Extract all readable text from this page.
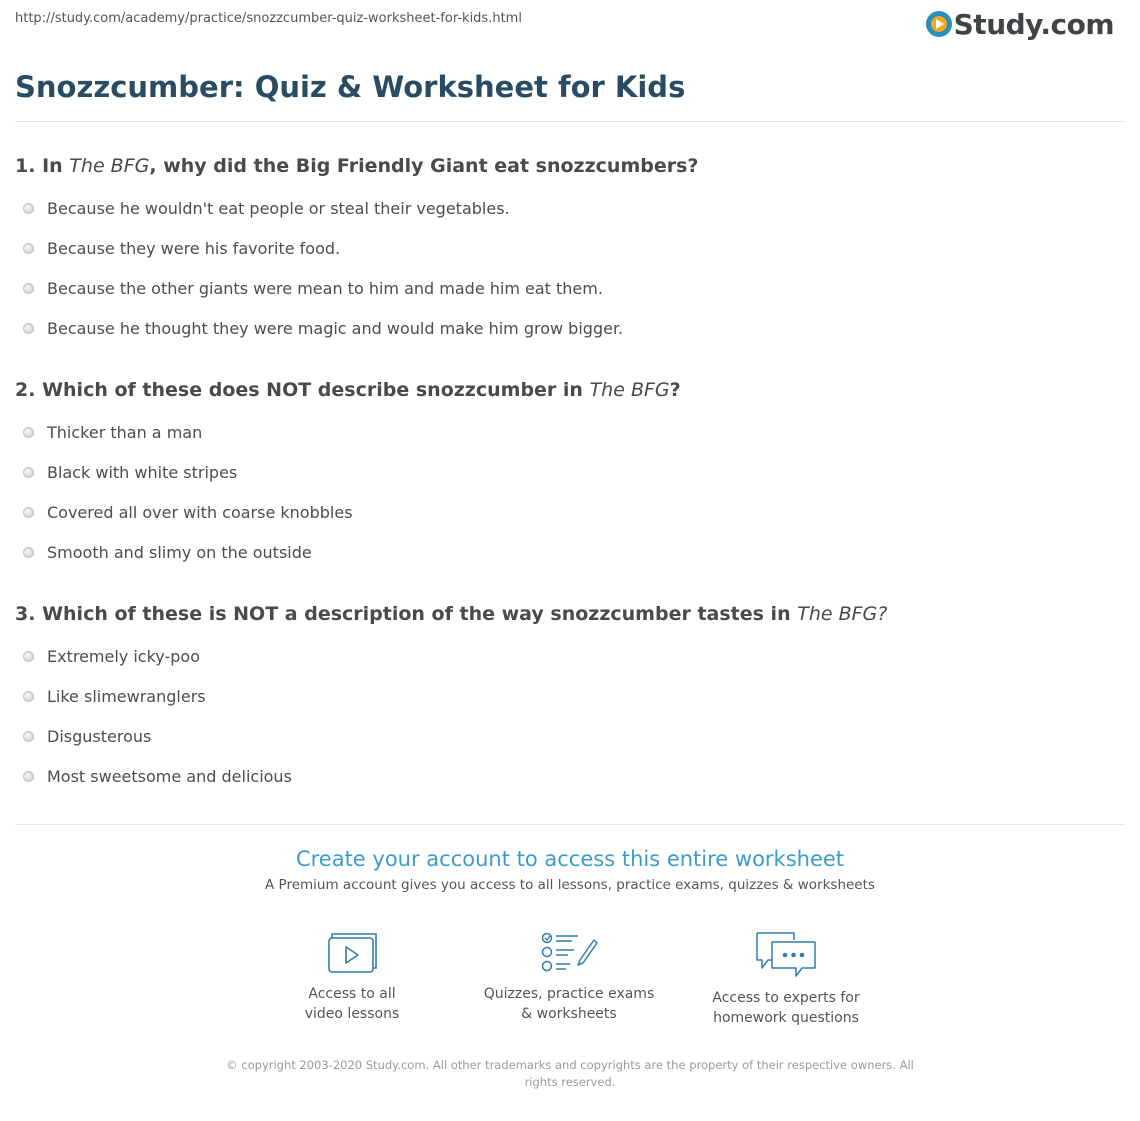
http://study.com/academy/practice/snozzcumber-quiz-worksheet-for-kids.html	Study.com
Snozzcumber: Quiz & Worksheet for Kids
1. In The BFG, why did the Big Friendly Giant eat snozzcumbers?
Because he wouldn't eat people or steal their vegetables.
Because they were his favorite food.
Because the other giants were mean to him and made him eat them.
Because he thought they were magic and would make him grow bigger.
2. Which of these does NOT describe snozzcumber in The BFG?
Thicker than a man
Black with white stripes
Covered all over with coarse knobbles
Smooth and slimy on the outside
3. Which of these is NOT a description of the way snozzcumber tastes in The BFG?
Extremely icky-poo
Like slimewranglers
Disgusterous
Most sweetsome and delicious
Create your account to access this entire worksheet
A Premium account gives you access to all lessons, practice exams, quizzes & worksheets
Access to all
video lessons
Quizzes, practice exams
& worksheets
Access to experts for
homework questions
© copyright 2003-2020 Study.com. All other trademarks and copyrights are the property of their respective owners. All rights reserved.
